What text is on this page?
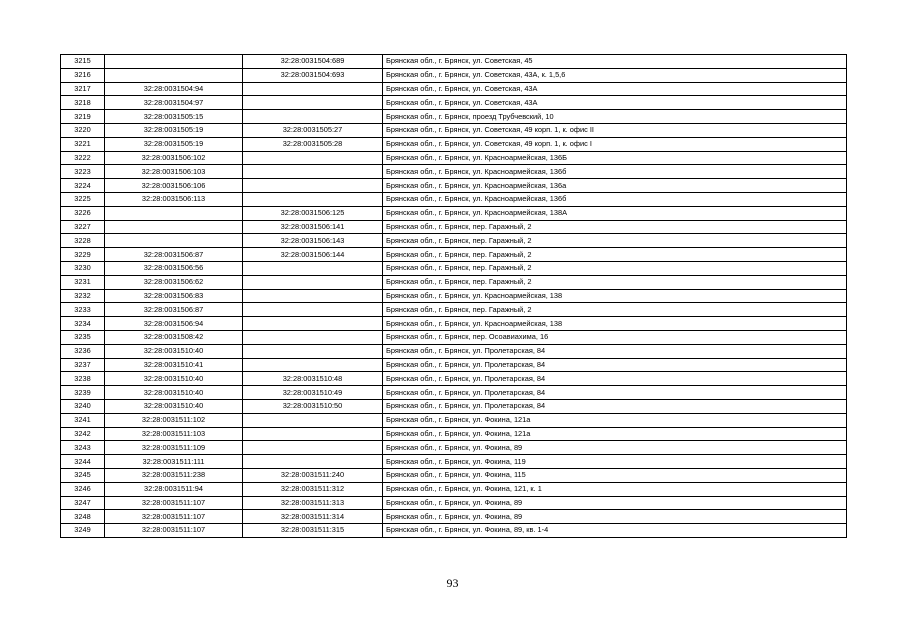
3215		32:28:0031504:689	Брянская обл., г. Брянск, ул. Советская, 45
3216		32:28:0031504:693	Брянская обл., г. Брянск, ул. Советская, 43А, к. 1,5,6
3217	32:28:0031504:94		Брянская обл., г. Брянск, ул. Советская, 43А
3218	32:28:0031504:97		Брянская обл., г. Брянск, ул. Советская, 43А
3219	32:28:0031505:15		Брянская обл., г. Брянск, проезд Трубчевский, 10
3220	32:28:0031505:19	32:28:0031505:27	Брянская обл., г. Брянск, ул. Советская, 49 корп. 1, к. офис II
3221	32:28:0031505:19	32:28:0031505:28	Брянская обл., г. Брянск, ул. Советская, 49 корп. 1, к. офис I
3222	32:28:0031506:102		Брянская обл., г. Брянск, ул. Красноармейская, 136Б
3223	32:28:0031506:103		Брянская обл., г. Брянск, ул. Красноармейская, 136б
3224	32:28:0031506:106		Брянская обл., г. Брянск, ул. Красноармейская, 136а
3225	32:28:0031506:113		Брянская обл., г. Брянск, ул. Красноармейская, 136б
3226		32:28:0031506:125	Брянская обл., г. Брянск, ул. Красноармейская, 138А
3227		32:28:0031506:141	Брянская обл., г. Брянск, пер. Гаражный, 2
3228		32:28:0031506:143	Брянская обл., г. Брянск, пер. Гаражный, 2
3229	32:28:0031506:87	32:28:0031506:144	Брянская обл., г. Брянск, пер. Гаражный, 2
3230	32:28:0031506:56		Брянская обл., г. Брянск, пер. Гаражный, 2
3231	32:28:0031506:62		Брянская обл., г. Брянск, пер. Гаражный, 2
3232	32:28:0031506:83		Брянская обл., г. Брянск, ул. Красноармейская, 138
3233	32:28:0031506:87		Брянская обл., г. Брянск, пер. Гаражный, 2
3234	32:28:0031506:94		Брянская обл., г. Брянск, ул. Красноармейская, 138
3235	32:28:0031508:42		Брянская обл., г. Брянск, пер. Осоавиахима, 16
3236	32:28:0031510:40		Брянская обл., г. Брянск, ул. Пролетарская, 84
3237	32:28:0031510:41		Брянская обл., г. Брянск, ул. Пролетарская, 84
3238	32:28:0031510:40	32:28:0031510:48	Брянская обл., г. Брянск, ул. Пролетарская, 84
3239	32:28:0031510:40	32:28:0031510:49	Брянская обл., г. Брянск, ул. Пролетарская, 84
3240	32:28:0031510:40	32:28:0031510:50	Брянская обл., г. Брянск, ул. Пролетарская, 84
3241	32:28:0031511:102		Брянская обл., г. Брянск, ул. Фокина, 121а
3242	32:28:0031511:103		Брянская обл., г. Брянск, ул. Фокина, 121а
3243	32:28:0031511:109		Брянская обл., г. Брянск, ул. Фокина, 89
3244	32:28:0031511:111		Брянская обл., г. Брянск, ул. Фокина, 119
3245	32:28:0031511:238	32:28:0031511:240	Брянская обл., г. Брянск, ул. Фокина, 115
3246	32:28:0031511:94	32:28:0031511:312	Брянская обл., г. Брянск, ул. Фокина, 121, к. 1
3247	32:28:0031511:107	32:28:0031511:313	Брянская обл., г. Брянск, ул. Фокина, 89
3248	32:28:0031511:107	32:28:0031511:314	Брянская обл., г. Брянск, ул. Фокина, 89
3249	32:28:0031511:107	32:28:0031511:315	Брянская обл., г. Брянск, ул. Фокина, 89, кв. 1-4
93
